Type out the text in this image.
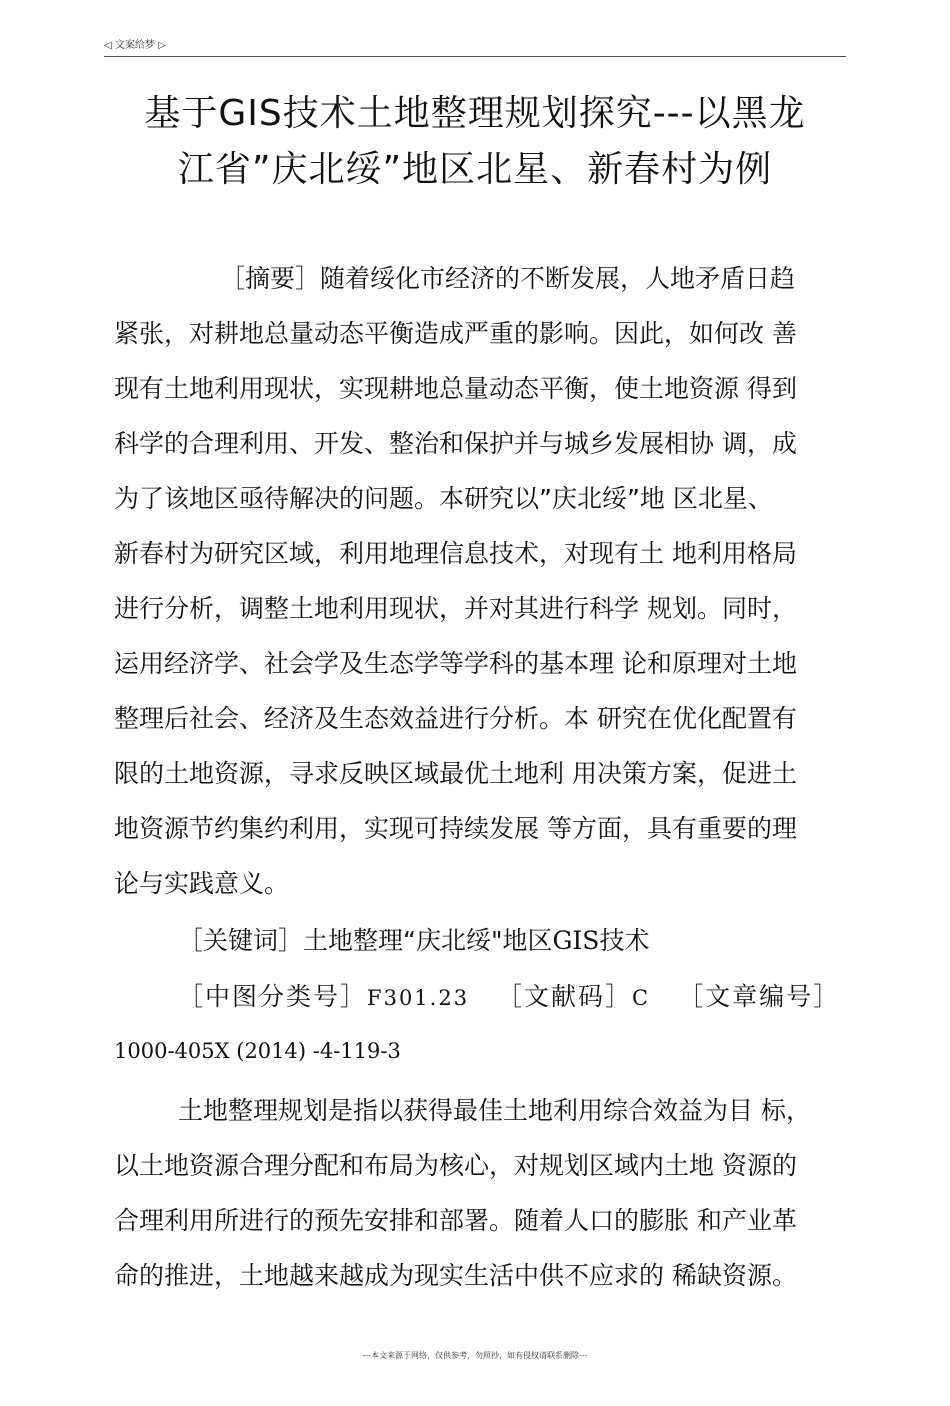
◁ 文案给梦 ▷
基于GIS技术土地整理规划探究---以黑龙
江省”庆北绥”地区北星、新春村为例
［摘要］随着绥化市经济的不断发展，人地矛盾日趋
紧张，对耕地总量动态平衡造成严重的影响。因此，如何改 善
现有土地利用现状，实现耕地总量动态平衡，使土地资源 得到
科学的合理利用、开发、整治和保护并与城乡发展相协 调，成
为了该地区亟待解决的问题。本研究以”庆北绥”地 区北星、
新春村为研究区域，利用地理信息技术，对现有土 地利用格局
进行分析，调整土地利用现状，并对其进行科学 规划。同时，
运用经济学、社会学及生态学等学科的基本理 论和原理对土地
整理后社会、经济及生态效益进行分析。本 研究在优化配置有
限的土地资源，寻求反映区域最优土地利 用决策方案，促进土
地资源节约集约利用，实现可持续发展 等方面，具有重要的理
论与实践意义。
［关键词］土地整理“庆北绥"地区GIS技术
［中图分类号］F301.23 ［文献码］C ［文章编号］
1000-405X (2014) -4-119-3
土地整理规划是指以获得最佳土地利用综合效益为目 标，
以土地资源合理分配和布局为核心，对规划区域内土地 资源的
合理利用所进行的预先安排和部署。随着人口的膨胀 和产业革
命的推进，土地越来越成为现实生活中供不应求的 稀缺资源。
---本文来源于网络，仅供参考，勿照抄，如有侵权请联系删除---
